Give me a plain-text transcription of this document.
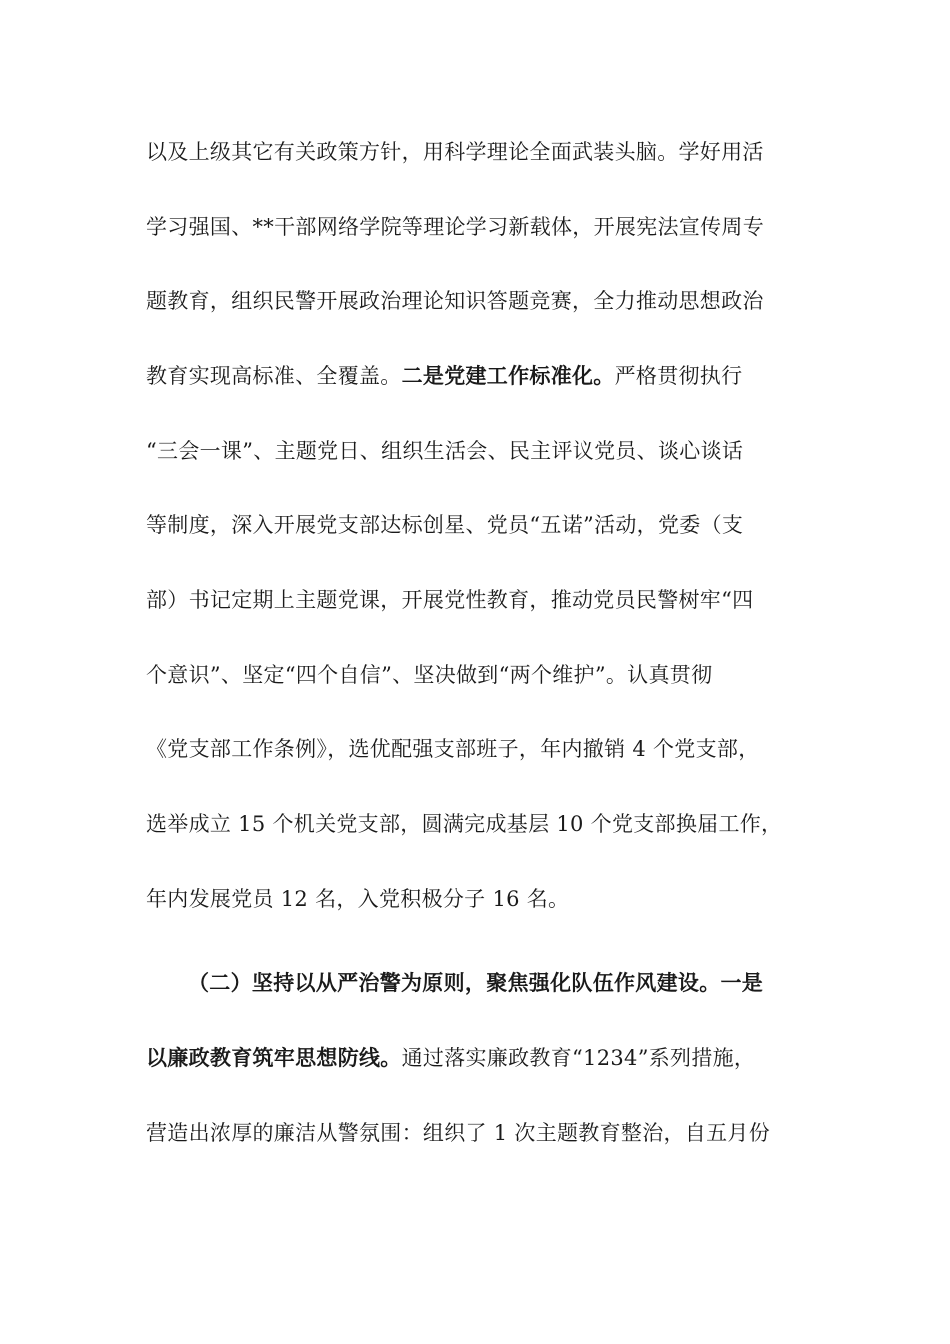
以及上级其它有关政策方针，用科学理论全面武装头脑。学好用活
学习强国、**干部网络学院等理论学习新载体，开展宪法宣传周专
题教育，组织民警开展政治理论知识答题竞赛，全力推动思想政治
教育实现高标准、全覆盖。二是党建工作标准化。严格贯彻执行
“三会一课”、主题党日、组织生活会、民主评议党员、谈心谈话
等制度，深入开展党支部达标创星、党员“五诺”活动，党委（支
部）书记定期上主题党课，开展党性教育，推动党员民警树牢“四
个意识”、坚定“四个自信”、坚决做到“两个维护”。认真贯彻
《党支部工作条例》，选优配强支部班子，年内撤销 4 个党支部，
选举成立 15 个机关党支部，圆满完成基层 10 个党支部换届工作，
年内发展党员 12 名，入党积极分子 16 名。
（二）坚持以从严治警为原则，聚焦强化队伍作风建设。一是
以廉政教育筑牢思想防线。通过落实廉政教育“1234”系列措施，
营造出浓厚的廉洁从警氛围：组织了 1 次主题教育整治，自五月份
